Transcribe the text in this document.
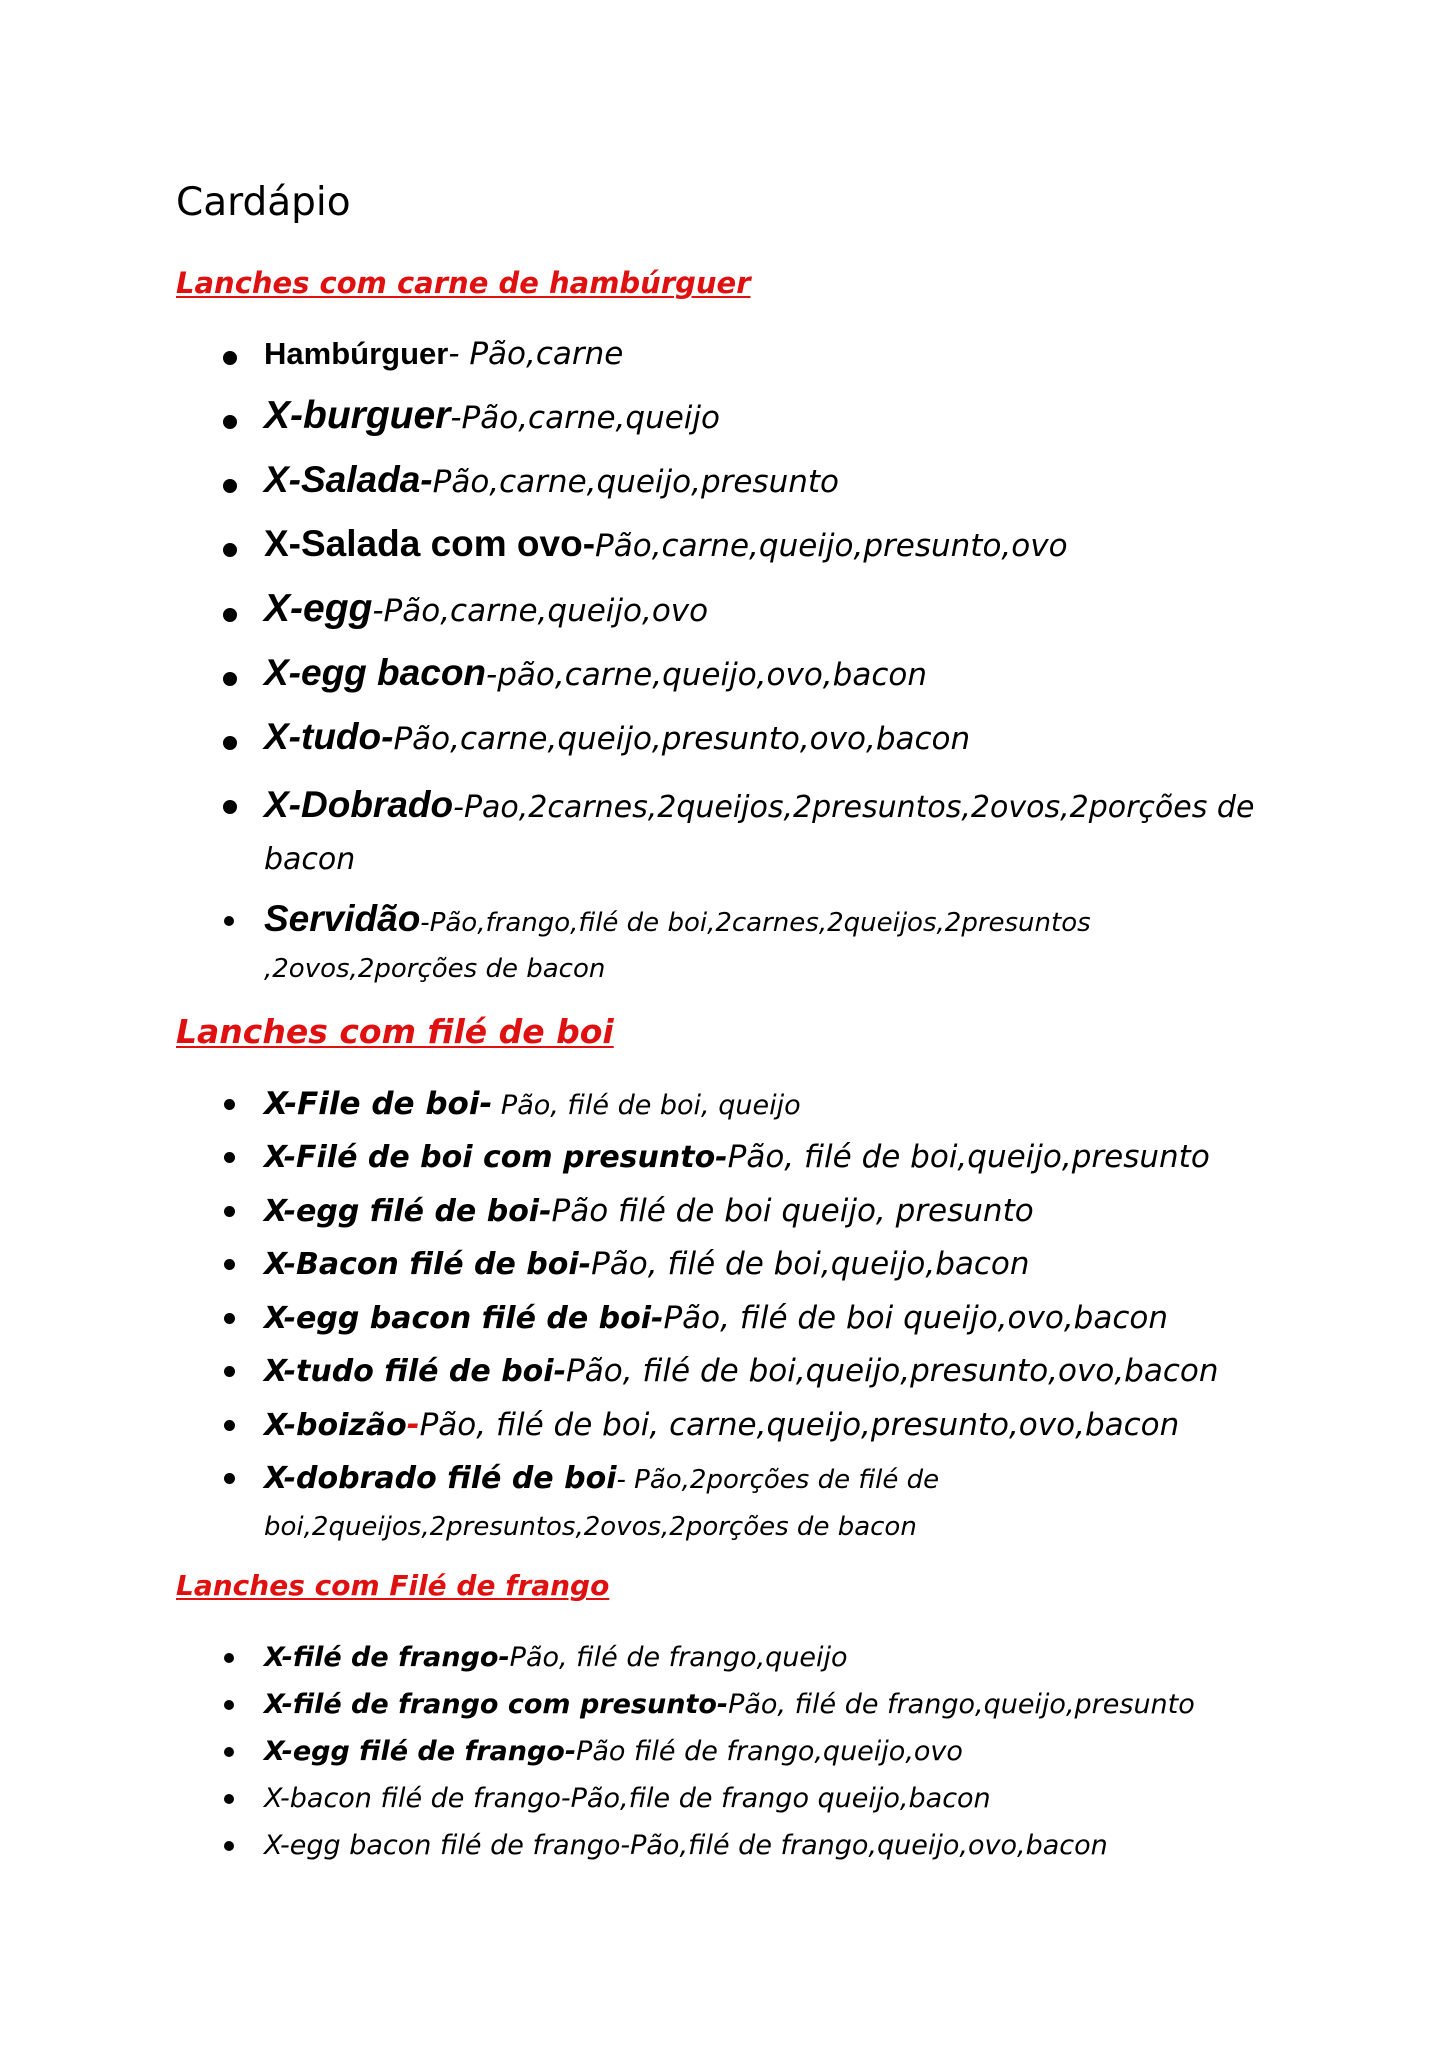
Cardápio
Lanches com carne de hambúrguer
Hambúrguer- Pão,carne
X-burguer-Pão,carne,queijo
X-Salada-Pão,carne,queijo,presunto
X-Salada com ovo-Pão,carne,queijo,presunto,ovo
X-egg-Pão,carne,queijo,ovo
X-egg bacon-pão,carne,queijo,ovo,bacon
X-tudo-Pão,carne,queijo,presunto,ovo,bacon
X-Dobrado-Pao,2carnes,2queijos,2presuntos,2ovos,2porções de bacon
Servidão-Pão,frango,filé de boi,2carnes,2queijos,2presuntos ,2ovos,2porções de bacon
Lanches com filé de boi
X-File de boi- Pão, filé de boi, queijo
X-Filé de boi com presunto-Pão, filé de boi,queijo,presunto
X-egg filé de boi-Pão filé de boi queijo, presunto
X-Bacon filé de boi-Pão, filé de boi,queijo,bacon
X-egg bacon filé de boi-Pão, filé de boi queijo,ovo,bacon
X-tudo filé de boi-Pão, filé de boi,queijo,presunto,ovo,bacon
X-boizão-Pão, filé de boi, carne,queijo,presunto,ovo,bacon
X-dobrado filé de boi- Pão,2porções de filé de boi,2queijos,2presuntos,2ovos,2porções de bacon
Lanches com Filé de frango
X-filé de frango-Pão, filé de frango,queijo
X-filé de frango com presunto-Pão, filé de frango,queijo,presunto
X-egg filé de frango-Pão filé de frango,queijo,ovo
X-bacon filé de frango-Pão,file de frango queijo,bacon
X-egg bacon filé de frango-Pão,filé de frango,queijo,ovo,bacon
